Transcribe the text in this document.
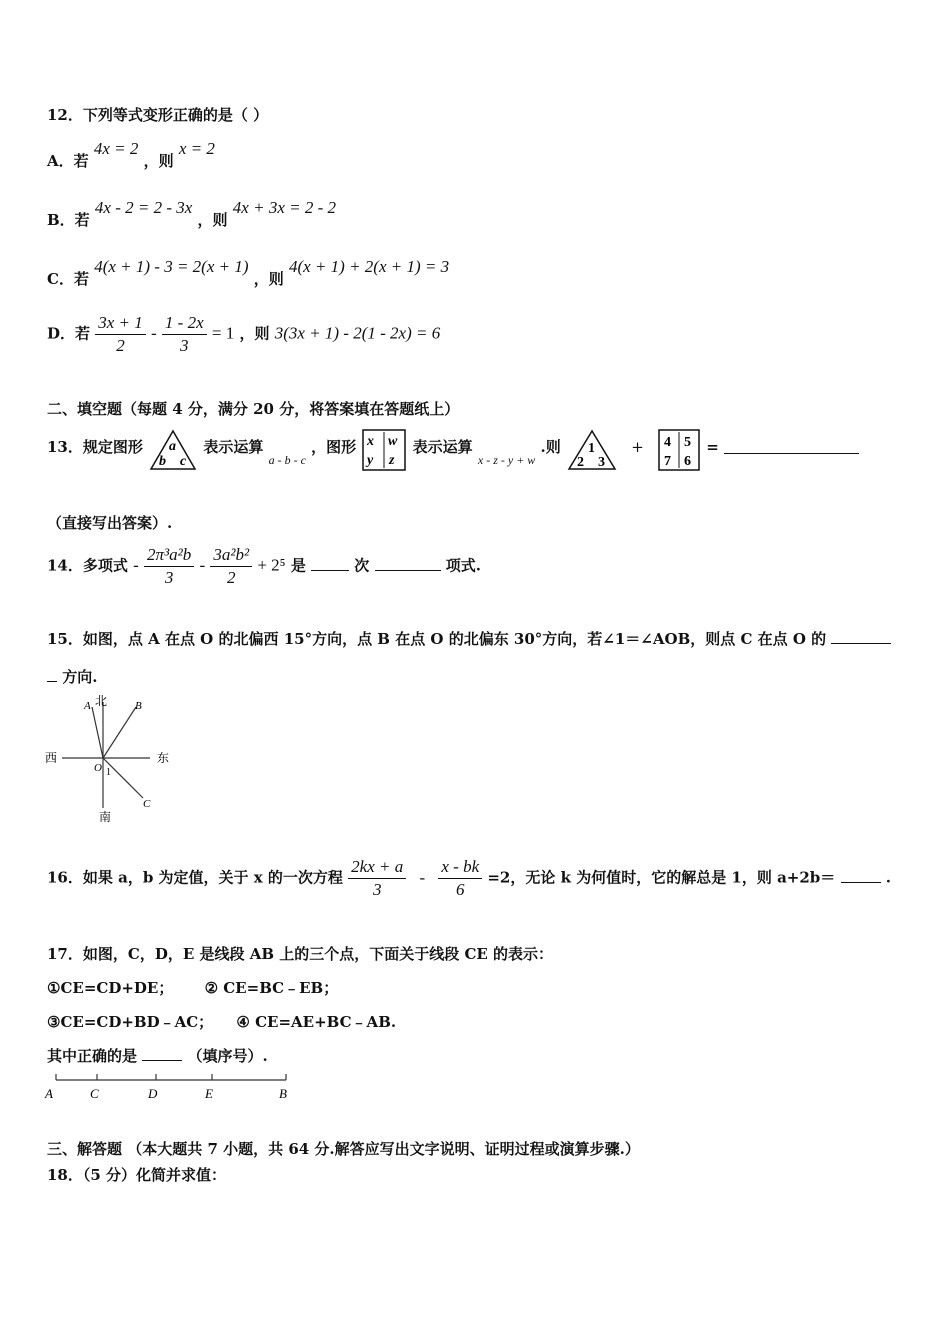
12．下列等式变形正确的是（ ）
A．若 4x = 2 ，则 x = 2
B．若 4x - 2 = 2 - 3x ，则 4x + 3x = 2 - 2
C．若 4(x + 1) - 3 = 2(x + 1) ，则 4(x + 1) + 2(x + 1) = 3
D．若 $\frac{3x + 1}{2} - \frac{1 - 2x}{3} = 1$ ，则 3(3x + 1) - 2(1 - 2x) = 6
二、填空题（每题 4 分，满分 20 分，将答案填在答题纸上）
13．规定图形 a
b c
表示运算 $_{a - b - c}$ ，图形 x w
y z
表示运算 $_{x - z - y + w}$ .则 1
2 3
+ 4 5
7 6
=
（直接写出答案）.
14．多项式 - $\frac{\text{2π³a²b}}{3} - \frac{\text{3a²b²}}{2} + 2^5$ 是	次	项式.
15．如图，点 A 在点 O 的北偏西 15°方向，点 B 在点 O 的北偏东 30°方向，若∠1＝∠AOB，则点 C 在点 O 的
方向.
北
南
西	东
A	B
C
O 1
16．如果 a，b 为定值，关于 x 的一次方程 $\frac{2kx + a}{3} - \frac{x - bk}{6} =2$，无论 k 为何值时，它的解总是 1，则 a+2b＝	.
17．如图，C，D，E 是线段 AB 上的三个点，下面关于线段 CE 的表示：
①CE=CD+DE； ② CE=BC﹣EB；
③CE=CD+BD﹣AC； ④ CE=AE+BC﹣AB.
其中正确的是	（填序号）.
A	C	D	E	B
三、解答题 （本大题共 7 小题，共 64 分.解答应写出文字说明、证明过程或演算步骤.）
18．（5 分）化简并求值：
